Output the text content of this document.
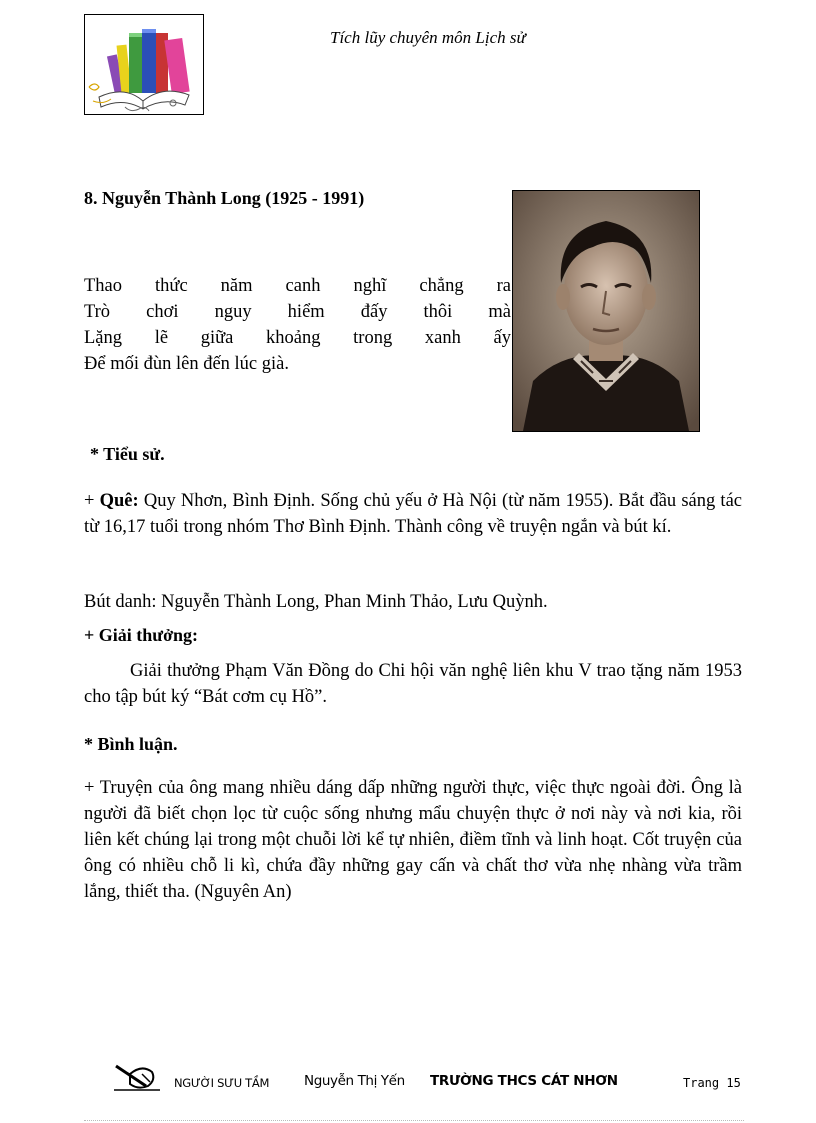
Tích lũy chuyên môn Lịch sử
8. Nguyễn Thành Long (1925 - 1991)
Thao thức năm canh nghĩ chẳng ra
Trò chơi nguy hiểm đấy thôi mà
Lặng lẽ giữa khoảng trong xanh ấy
Để mối đùn lên đến lúc già.
* Tiểu sử.
+ Quê: Quy Nhơn, Bình Định. Sống chủ yếu ở Hà Nội (từ năm 1955). Bắt đầu sáng tác từ 16,17 tuổi trong nhóm Thơ Bình Định. Thành công về truyện ngắn và bút kí.
Bút danh: Nguyễn Thành Long, Phan Minh Thảo, Lưu Quỳnh.
+ Giải thưởng:
Giải thưởng Phạm Văn Đồng do Chi hội văn nghệ liên khu V trao tặng năm 1953 cho tập bút ký “Bát cơm cụ Hồ”.
* Bình luận.
+ Truyện của ông mang nhiều dáng dấp những người thực, việc thực ngoài đời. Ông là người đã biết chọn lọc từ cuộc sống nhưng mẩu chuyện thực ở nơi này và nơi kia, rồi liên kết chúng lại trong một chuỗi lời kể tự nhiên, điềm tĩnh và linh hoạt. Cốt truyện của ông có nhiều chỗ li kì, chứa đầy những gay cấn và chất thơ vừa nhẹ nhàng vừa trầm lắng, thiết tha. (Nguyên An)
NGƯỜI SƯU TẦM	Nguyễn Thị Yến TRƯỜNG THCS CÁT NHƠN	Trang 15
